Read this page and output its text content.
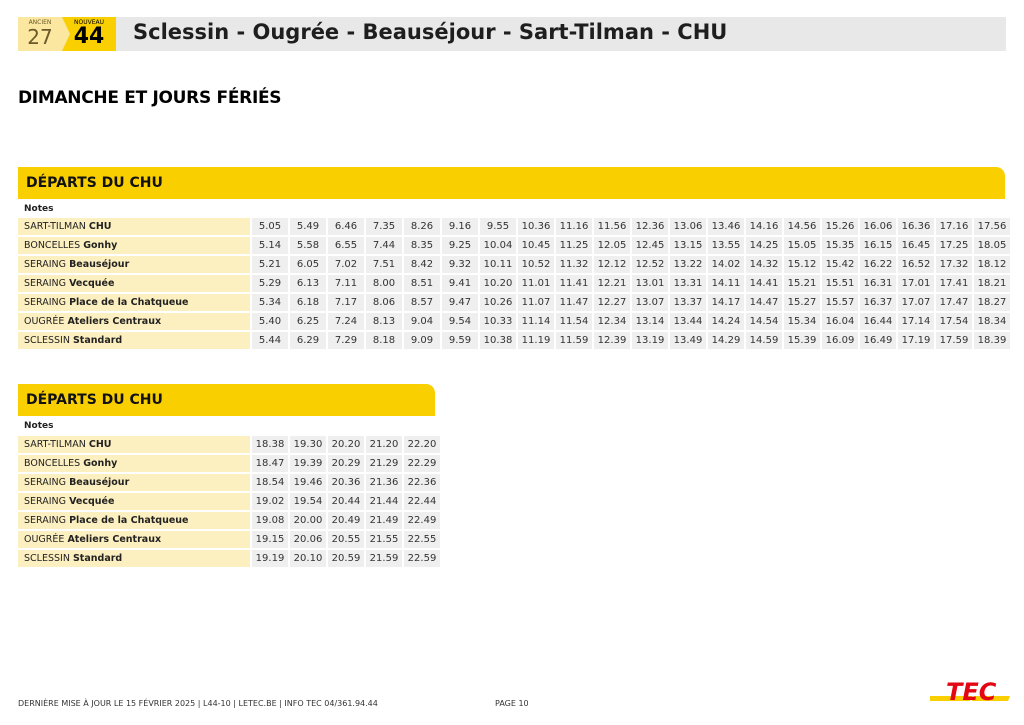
ANCIEN
27
NOUVEAU
44	Sclessin - Ougrée - Beauséjour - Sart-Tilman - CHU
DIMANCHE ET JOURS FÉRIÉS
DÉPARTS DU CHU
Notes
SART-TILMAN CHU	5.05	5.49	6.46	7.35	8.26	9.16	9.55	10.36	11.16	11.56	12.36	13.06	13.46	14.16	14.56	15.26	16.06	16.36	17.16	17.56
BONCELLES Gonhy	5.14	5.58	6.55	7.44	8.35	9.25	10.04	10.45	11.25	12.05	12.45	13.15	13.55	14.25	15.05	15.35	16.15	16.45	17.25	18.05
SERAING Beauséjour	5.21	6.05	7.02	7.51	8.42	9.32	10.11	10.52	11.32	12.12	12.52	13.22	14.02	14.32	15.12	15.42	16.22	16.52	17.32	18.12
SERAING Vecquée	5.29	6.13	7.11	8.00	8.51	9.41	10.20	11.01	11.41	12.21	13.01	13.31	14.11	14.41	15.21	15.51	16.31	17.01	17.41	18.21
SERAING Place de la Chatqueue	5.34	6.18	7.17	8.06	8.57	9.47	10.26	11.07	11.47	12.27	13.07	13.37	14.17	14.47	15.27	15.57	16.37	17.07	17.47	18.27
OUGRÉE Ateliers Centraux	5.40	6.25	7.24	8.13	9.04	9.54	10.33	11.14	11.54	12.34	13.14	13.44	14.24	14.54	15.34	16.04	16.44	17.14	17.54	18.34
SCLESSIN Standard	5.44	6.29	7.29	8.18	9.09	9.59	10.38	11.19	11.59	12.39	13.19	13.49	14.29	14.59	15.39	16.09	16.49	17.19	17.59	18.39
DÉPARTS DU CHU
Notes
SART-TILMAN CHU	18.38	19.30	20.20	21.20	22.20
BONCELLES Gonhy	18.47	19.39	20.29	21.29	22.29
SERAING Beauséjour	18.54	19.46	20.36	21.36	22.36
SERAING Vecquée	19.02	19.54	20.44	21.44	22.44
SERAING Place de la Chatqueue	19.08	20.00	20.49	21.49	22.49
OUGRÉE Ateliers Centraux	19.15	20.06	20.55	21.55	22.55
SCLESSIN Standard	19.19	20.10	20.59	21.59	22.59
DERNIÈRE MISE À JOUR LE 15 FÉVRIER 2025 | L44-10 | LETEC.BE | INFO TEC 04/361.94.44	PAGE 10	TEC
